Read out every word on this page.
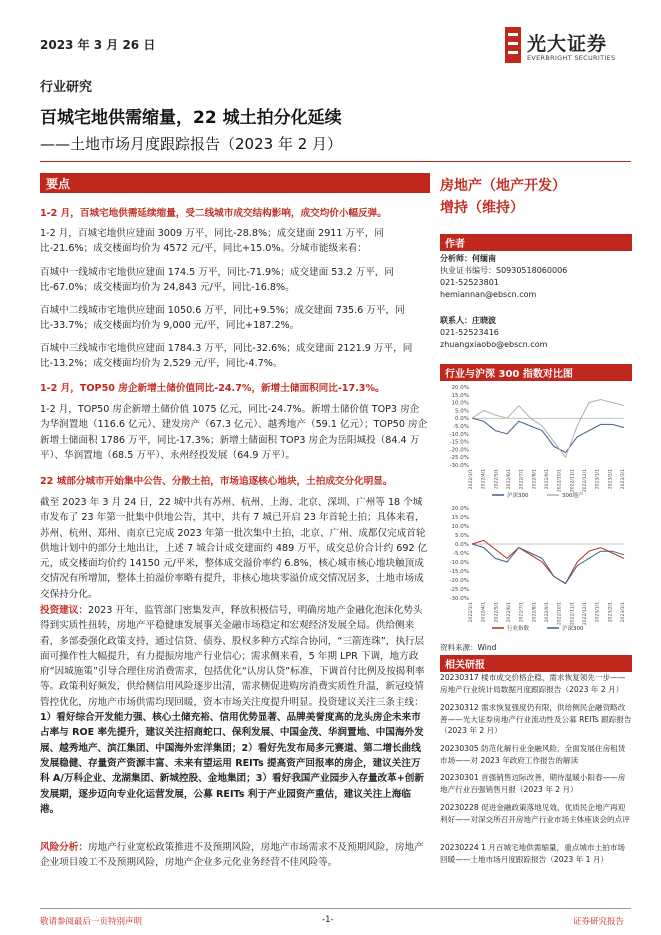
2023 年 3 月 26 日	光大证券
EVERBRIGHT SECURITIES
行业研究
百城宅地供需缩量，22 城土拍分化延续
——土地市场月度跟踪报告（2023 年 2 月）
要点
1-2 月，百城宅地供需延续缩量，受二线城市成交结构影响，成交均价小幅反弹。
1-2 月，百城宅地供应建面 3009 万平，同比-28.8%；成交建面 2911 万平，同比-21.6%；成交楼面均价为 4572 元/平，同比+15.0%。分城市能级来看：
百城中一线城市宅地供应建面 174.5 万平，同比-71.9%；成交建面 53.2 万平，同比-67.0%；成交楼面均价为 24,843 元/平，同比-16.8%。
百城中二线城市宅地供应建面 1050.6 万平，同比+9.5%；成交建面 735.6 万平，同比-33.7%；成交楼面均价为 9,000 元/平，同比+187.2%。
百城中三线城市宅地供应建面 1784.3 万平，同比-32.6%；成交建面 2121.9 万平，同比-13.2%；成交楼面均价为 2,529 元/平，同比-4.7%。
1-2 月，TOP50 房企新增土储价值同比-24.7%，新增土储面积同比-17.3%。
1-2 月，TOP50 房企新增土储价值 1075 亿元，同比-24.7%。新增土储价值 TOP3 房企为华润置地（116.6 亿元）、建发房产（67.3 亿元）、越秀地产（59.1 亿元）；TOP50 房企新增土储面积 1786 万平，同比-17.3%；新增土储面积 TOP3 房企为岳阳城投（84.4 万平）、华润置地（68.5 万平）、永州经投发展（64.9 万平）。
22 城部分城市开始集中公告、分散土拍，市场追逐核心地块，土拍成交分化明显。
截至 2023 年 3 月 24 日，22 城中共有苏州、杭州、上海、北京、深圳、广州等 18 个城市发布了 23 年第一批集中供地公告，其中，共有 7 城已开启 23 年首轮土拍；具体来看，苏州、杭州、郑州、南京已完成 2023 年第一批次集中土拍，北京、广州、成都仅完成首轮供地计划中的部分土地出让，上述 7 城合计成交建面约 489 万平，成交总价合计约 692 亿元，成交楼面均价约 14150 元/平米，整体成交溢价率约 6.8%，核心城市核心地块触顶成交情况有所增加，整体土拍溢价率略有提升，非核心地块零溢价成交情况居多，土地市场成交保持分化。
投资建议：2023 开年，监管部门密集发声，释放积极信号，明确房地产金融化泡沫化势头得到实质性扭转，房地产平稳健康发展事关金融市场稳定和宏观经济发展全局。供给侧来看，多部委强化政策支持，通过信贷、债券、股权多种方式综合协同，“三箭连珠”，执行层面可操作性大幅提升，有力提振房地产行业信心；需求侧来看，5 年期 LPR 下调，地方政府“因城施策”引导合理住房消费需求，包括优化“认房认贷”标准，下调首付比例及按揭利率等。政策利好频发，供给侧信用风险逐步出清，需求侧促进购房消费实质性升温，新冠疫情管控优化，房地产市场供需均现回暖，资本市场关注度提升明显。投资建议关注三条主线：1）看好综合开发能力强、核心土储充裕、信用优势显著、品牌美誉度高的龙头房企未来市占率与 ROE 率先提升，建议关注招商蛇口、保利发展、中国金茂、华润置地、中国海外发展、越秀地产、滨江集团、中国海外宏洋集团；2）看好先发布局多元赛道、第二增长曲线发展稳健、存量资产资源丰富、未来有望运用 REITs 提高资产回报率的房企，建议关注万科 A/万科企业、龙湖集团、新城控股、金地集团；3）看好我国产业园步入存量改革+创新发展期，逐步迈向专业化运营发展，公募 REITs 利于产业园资产重估，建议关注上海临港。
风险分析：房地产行业宽松政策推进不及预期风险，房地产市场需求不及预期风险，房地产企业项目竣工不及预期风险，房地产企业多元化业务经营不佳风险等。
房地产（地产开发）
增持（维持）
作者
分析师：何缅南
执业证书编号：S0930518060006
021-52523801
hemiannan@ebscn.com
联系人：庄晓波
021-52523416
zhuangxiaobo@ebscn.com
行业与沪深 300 指数对比图
20.0%
15.0%
10.0%
5.0%
0.0%
-5.0%
-10.0%
-15.0%
-20.0%
-25.0%
-30.0%
2022/3/1 2022/4/1 2022/5/1 2022/6/1 2022/7/1 2022/8/1 2022/9/1 2022/10/1 2022/11/1 2022/12/1 2023/1/1 2023/2/1 2023/3/1
沪深300	300地产
20.0%
15.0%
10.0%
5.0%
0.0%
-5.0%
-10.0%
-15.0%
-20.0%
-25.0%
-30.0%
2022/3/1 2022/4/1 2022/5/1 2022/6/1 2022/7/1 2022/8/1 2022/9/1 2022/10/1 2022/11/1 2022/12/1 2023/1/1 2023/2/1 2023/3/1
行业指数	沪深300
资料来源：Wind
相关研报
20230317 楼市成交价格企稳，需求恢复领先一步——房地产行业统计局数据月度跟踪报告（2023 年 2 月）
20230312 需求恢复强度仍有限，供给侧民企融资略改善——光大证券房地产行业流动性及公募 REITs 跟踪报告（2023 年 2 月）
20230305 防范化解行业金融风险，全面发展住房租赁市场——对 2023 年政府工作报告的解读
20230301 首强销售边际改善，期待温暖小阳春——房地产行业百强销售月报（2023 年 2 月）
20230228 促进金融政策落地见效，优质民企地产再迎利好——对深交所召开房地产行业市场主体座谈会的点评
20230224 1 月百城宅地供需缩量，重点城市土拍市场回暖——土地市场月度跟踪报告（2023 年 1 月）
敬请参阅最后一页特别声明	-1-	证券研究报告
